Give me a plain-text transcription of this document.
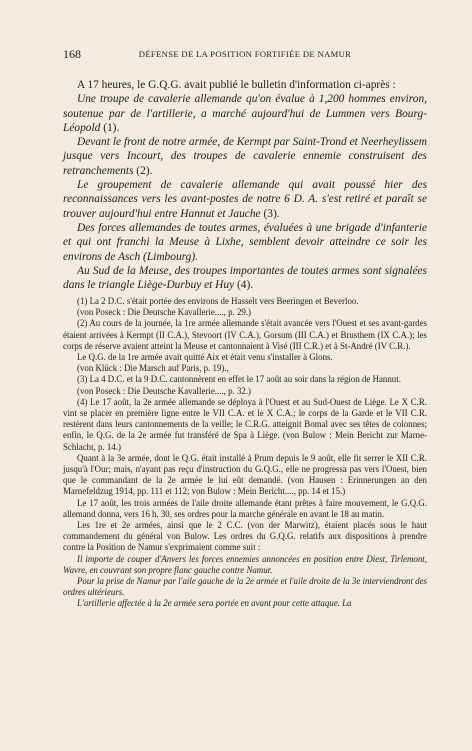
168	DÉFENSE DE LA POSITION FORTIFIÉE DE NAMUR

A 17 heures, le G.Q.G. avait publié le bulletin d'information ci-après :

Une troupe de cavalerie allemande qu'on évalue à 1,200 hommes environ, soutenue par de l'artillerie, a marché aujourd'hui de Lummen vers Bourg-Léopold (1).

Devant le front de notre armée, de Kermpt par Saint-Trond et Neerheylissem jusque vers Incourt, des troupes de cavalerie ennemie construisent des retranchements (2).

Le groupement de cavalerie allemande qui avait poussé hier des reconnaissances vers les avant-postes de notre 6 D. A. s'est retiré et paraît se trouver aujourd'hui entre Hannut et Jauche (3).

Des forces allemandes de toutes armes, évaluées à une brigade d'infanterie et qui ont franchi la Meuse à Lixhe, semblent devoir atteindre ce soir les environs de Asch (Limbourg).

Au Sud de la Meuse, des troupes importantes de toutes armes sont signalées dans le triangle Liège-Durbuy et Huy (4).

(1) La 2 D.C. s'était portée des environs de Hasselt vers Beeringen et Beverloo.

(von Poseck : Die Deutsche Kavallerie...., p. 29.)

(2) Au cours de la journée, la 1re armée allemande s'était avancée vers l'Ouest et ses avant-gardes étaient arrivées à Kermpt (II C.A.), Stevoort (IV C.A.), Gorsum (III C.A.) et Brusthem (IX C.A.); les corps de réserve avaient atteint la Meuse et cantonnaient à Visé (III C.R.) et à St-André (IV C.R.).

Le Q.G. de la 1re armée avait quitté Aix et était venu s'installer à Glons.

(von Klück : Die Marsch auf Paris, p. 19).,

(3) La 4 D.C. et la 9 D.C. cantonnèrent en effet le 17 août au soir dans la région de Hannut.

(von Poseck : Die Deutsche Kavallerie...., p. 32.)

(4) Le 17 août, la 2e armée allemande se déploya à l'Ouest et au Sud-Ouest de Liège. Le X C.R. vint se placer en première ligne entre le VII C.A. et le X C.A.; le corps de la Garde et le VII C.R. restèrent dans leurs cantonnements de la veille; le C.R.G. atteignit Bomal avec ses têtes de colonnes; enfin, le Q.G. de la 2e armée fut transféré de Spa à Liège. (von Bulow : Mein Bericht zur Marne-Schlacht, p. 14.)

Quant à la 3e armée, dont le Q.G. était installé à Prum depuis le 9 août, elle fit serrer le XII C.R. jusqu'à l'Our; mais, n'ayant pas reçu d'instruction du G.Q.G., elle ne progressa pas vers l'Ouest, bien que le commandant de la 2e armée le lui eût demandé. (von Hausen : Erinnerungen an den Marnefeldzug 1914, pp. 111 et 112; von Bulow : Mein Bericht...., pp. 14 et 15.)

Le 17 août, les trois armées de l'aile droite allemande étant prêtes à faire mouvement, le G.Q.G. allemand donna, vers 16 h. 30, ses ordres pour la marche générale en avant le 18 au matin.

Les 1re et 2e armées, ainsi que le 2 C.C. (von der Marwitz), étaient placés sous le haut commandement du général von Bulow. Les ordres du G.Q.G. relatifs aux dispositions à prendre contre la Position de Namur s'exprimaient comme suit :

Il importe de couper d'Anvers les forces ennemies annoncées en position entre Diest, Tirlemont, Wavre, en couvrant son propre flanc gauche contre Namur.

Pour la prise de Namur par l'aile gauche de la 2e armée et l'aile droite de la 3e interviendront des ordres ultérieurs.

L'artillerie affectée à la 2e armée sera portée en avant pour cette attaque. La
